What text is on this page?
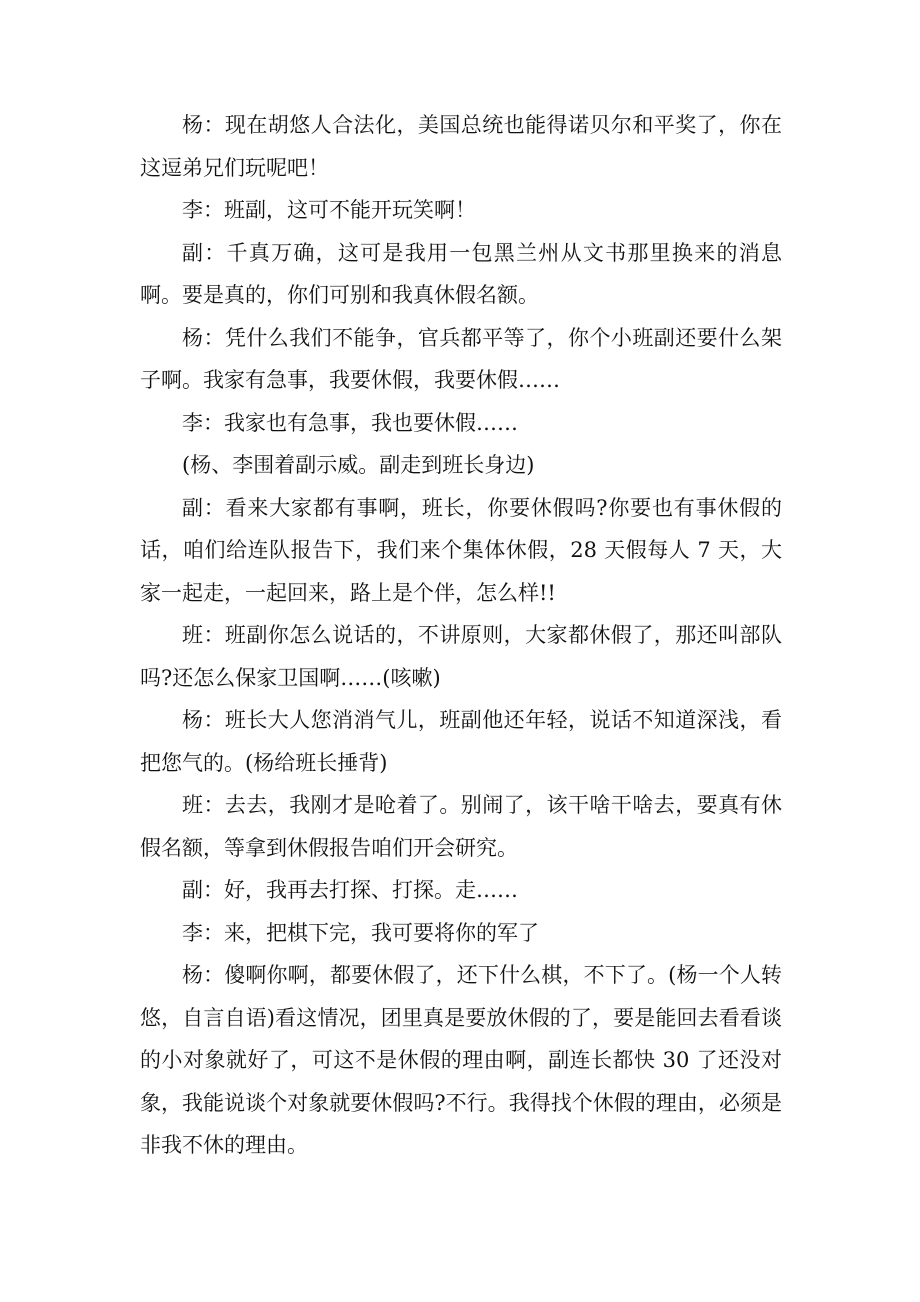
杨：现在胡悠人合法化，美国总统也能得诺贝尔和平奖了，你在这逗弟兄们玩呢吧！

李：班副，这可不能开玩笑啊！

副：千真万确，这可是我用一包黑兰州从文书那里换来的消息啊。要是真的，你们可别和我真休假名额。

杨：凭什么我们不能争，官兵都平等了，你个小班副还要什么架子啊。我家有急事，我要休假，我要休假……

李：我家也有急事，我也要休假……

(杨、李围着副示威。副走到班长身边)

副：看来大家都有事啊，班长，你要休假吗?你要也有事休假的话，咱们给连队报告下，我们来个集体休假，28 天假每人 7 天，大家一起走，一起回来，路上是个伴，怎么样!!

班：班副你怎么说话的，不讲原则，大家都休假了，那还叫部队吗?还怎么保家卫国啊……(咳嗽)

杨：班长大人您消消气儿，班副他还年轻，说话不知道深浅，看把您气的。(杨给班长捶背)

班：去去，我刚才是呛着了。别闹了，该干啥干啥去，要真有休假名额，等拿到休假报告咱们开会研究。

副：好，我再去打探、打探。走……

李：来，把棋下完，我可要将你的军了

杨：傻啊你啊，都要休假了，还下什么棋，不下了。(杨一个人转悠，自言自语)看这情况，团里真是要放休假的了，要是能回去看看谈的小对象就好了，可这不是休假的理由啊，副连长都快 30 了还没对象，我能说谈个对象就要休假吗?不行。我得找个休假的理由，必须是非我不休的理由。
